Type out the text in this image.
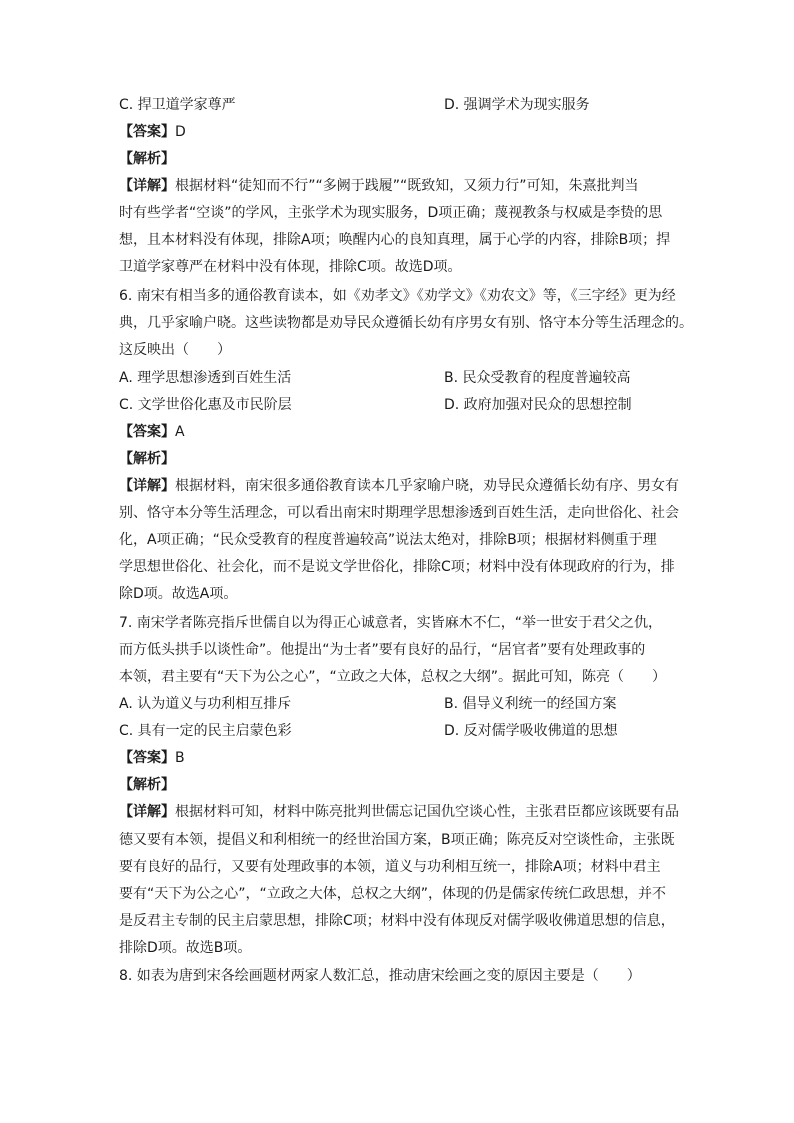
C. 捍卫道学家尊严	D. 强调学术为现实服务
【答案】D
【解析】
【详解】根据材料“徒知而不行”“多阙于践履”“既致知，又须力行”可知，朱熹批判当
时有些学者“空谈”的学风，主张学术为现实服务，D项正确；蔑视教条与权威是李贽的思
想，且本材料没有体现，排除A项；唤醒内心的良知真理，属于心学的内容，排除B项；捍
卫道学家尊严在材料中没有体现，排除C项。故选D项。
6. 南宋有相当多的通俗教育读本，如《劝孝文》《劝学文》《劝农文》等，《三字经》更为经
典，几乎家喻户晓。这些读物都是劝导民众遵循长幼有序男女有别、恪守本分等生活理念的。
这反映出（　　）
A. 理学思想渗透到百姓生活	B. 民众受教育的程度普遍较高
C. 文学世俗化惠及市民阶层	D. 政府加强对民众的思想控制
【答案】A
【解析】
【详解】根据材料，南宋很多通俗教育读本几乎家喻户晓，劝导民众遵循长幼有序、男女有
别、恪守本分等生活理念，可以看出南宋时期理学思想渗透到百姓生活，走向世俗化、社会
化，A项正确；“民众受教育的程度普遍较高”说法太绝对，排除B项；根据材料侧重于理
学思想世俗化、社会化，而不是说文学世俗化，排除C项；材料中没有体现政府的行为，排
除D项。故选A项。
7. 南宋学者陈亮指斥世儒自以为得正心诚意者，实皆麻木不仁，“举一世安于君父之仇，
而方低头拱手以谈性命”。他提出“为士者”要有良好的品行，“居官者”要有处理政事的
本领，君主要有“天下为公之心”，“立政之大体，总权之大纲”。据此可知，陈亮（　　）
A. 认为道义与功利相互排斥	B. 倡导义利统一的经国方案
C. 具有一定的民主启蒙色彩	D. 反对儒学吸收佛道的思想
【答案】B
【解析】
【详解】根据材料可知，材料中陈亮批判世儒忘记国仇空谈心性，主张君臣都应该既要有品
德又要有本领，提倡义和利相统一的经世治国方案，B项正确；陈亮反对空谈性命，主张既
要有良好的品行，又要有处理政事的本领，道义与功利相互统一，排除A项；材料中君主
要有“天下为公之心”，“立政之大体，总权之大纲”，体现的仍是儒家传统仁政思想，并不
是反君主专制的民主启蒙思想，排除C项；材料中没有体现反对儒学吸收佛道思想的信息，
排除D项。故选B项。
8. 如表为唐到宋各绘画题材两家人数汇总，推动唐宋绘画之变的原因主要是（　　）
